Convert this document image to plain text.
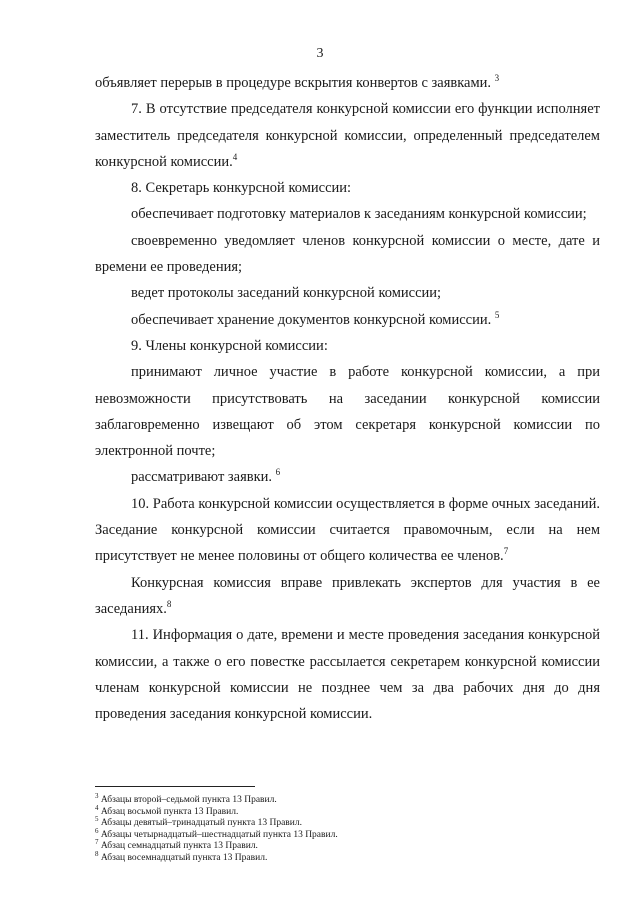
3

объявляет перерыв в процедуре вскрытия конвертов с заявками. $^3$

7. В отсутствие председателя конкурсной комиссии его функции исполняет заместитель председателя конкурсной комиссии, определенный председателем конкурсной комиссии.$^4$

8. Секретарь конкурсной комиссии:

обеспечивает подготовку материалов к заседаниям конкурсной комиссии;

своевременно уведомляет членов конкурсной комиссии о месте, дате и времени ее проведения;

ведет протоколы заседаний конкурсной комиссии;

обеспечивает хранение документов конкурсной комиссии. $^5$

9. Члены конкурсной комиссии:

принимают личное участие в работе конкурсной комиссии, а при невозможности присутствовать на заседании конкурсной комиссии заблаговременно извещают об этом секретаря конкурсной комиссии по электронной почте;

рассматривают заявки. $^6$

10. Работа конкурсной комиссии осуществляется в форме очных заседаний. Заседание конкурсной комиссии считается правомочным, если на нем присутствует не менее половины от общего количества ее членов.$^7$

Конкурсная комиссия вправе привлекать экспертов для участия в ее заседаниях.$^8$

11. Информация о дате, времени и месте проведения заседания конкурсной комиссии, а также о его повестке рассылается секретарем конкурсной комиссии членам конкурсной комиссии не позднее чем за два рабочих дня до дня проведения заседания конкурсной комиссии.

$^3$ Абзацы второй–седьмой пункта 13 Правил.

$^4$ Абзац восьмой пункта 13 Правил.

$^5$ Абзацы девятый–тринадцатый пункта 13 Правил.

$^6$ Абзацы четырнадцатый–шестнадцатый пункта 13 Правил.

$^7$ Абзац семнадцатый пункта 13 Правил.

$^8$ Абзац восемнадцатый пункта 13 Правил.
